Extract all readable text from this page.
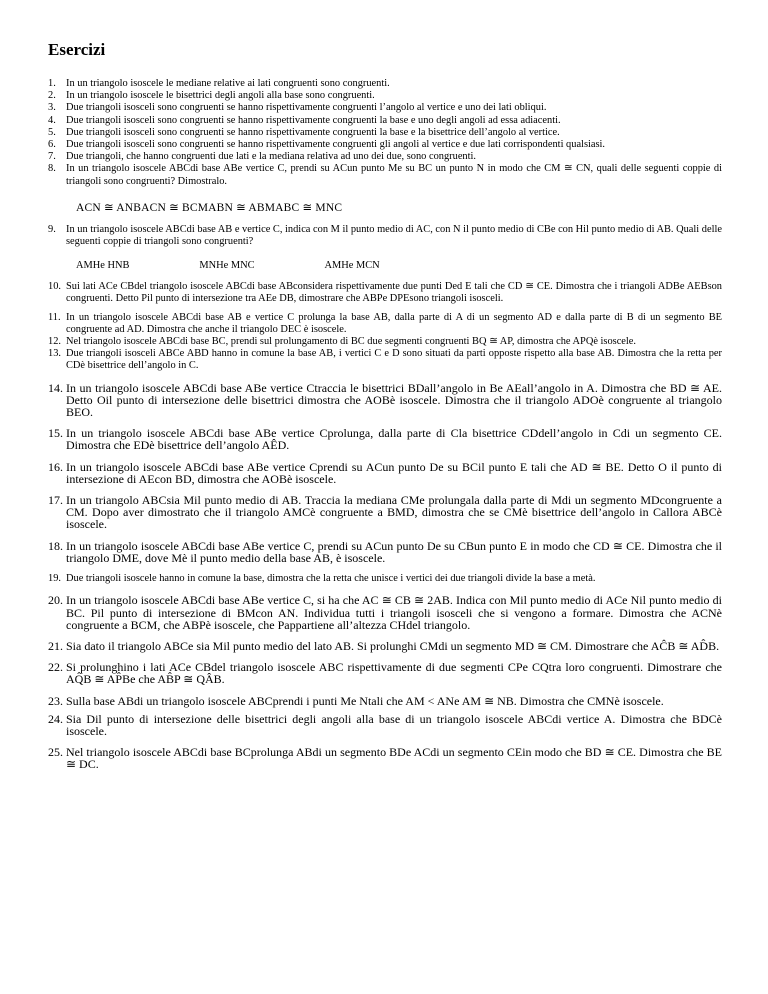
Esercizi
1. In un triangolo isoscele le mediane relative ai lati congruenti sono congruenti.
2. In un triangolo isoscele le bisettrici degli angoli alla base sono congruenti.
3. Due triangoli isosceli sono congruenti se hanno rispettivamente congruenti l’angolo al vertice e uno dei lati obliqui.
4. Due triangoli isosceli sono congruenti se hanno rispettivamente congruenti la base e uno degli angoli ad essa adiacenti.
5. Due triangoli isosceli sono congruenti se hanno rispettivamente congruenti la base e la bisettrice dell’angolo al vertice.
6. Due triangoli isosceli sono congruenti se hanno rispettivamente congruenti gli angoli al vertice e due lati corrispondenti qualsiasi.
7. Due triangoli, che hanno congruenti due lati e la mediana relativa ad uno dei due, sono congruenti.
8. In un triangolo isoscele ABCdi base ABe vertice C, prendi su ACun punto Me su BC un punto N in modo che CM ≅ CN, quali delle seguenti coppie di triangoli sono congruenti? Dimostralo.
ACN ≅ ANBACN ≅ BCMABN ≅ ABMABC ≅ MNC
9. In un triangolo isoscele ABCdi base AB e vertice C, indica con M il punto medio di AC, con N il punto medio di CBe con Hil punto medio di AB. Quali delle seguenti coppie di triangoli sono congruenti?
AMHe HNB	MNHe MNC	AMHe MCN
10. Sui lati ACe CBdel triangolo isoscele ABCdi base ABconsidera rispettivamente due punti Ded E tali che CD ≅ CE. Dimostra che i triangoli ADBe AEBson congruenti. Detto Pil punto di intersezione tra AEe DB, dimostrare che ABPe DPEsono triangoli isosceli.
11. In un triangolo isoscele ABCdi base AB e vertice C prolunga la base AB, dalla parte di A di un segmento AD e dalla parte di B di un segmento BE congruente ad AD. Dimostra che anche il triangolo DEC è isoscele.
12. Nel triangolo isoscele ABCdi base BC, prendi sul prolungamento di BC due segmenti congruenti BQ ≅ AP, dimostra che APQè isoscele.
13. Due triangoli isosceli ABCe ABD hanno in comune la base AB, i vertici C e D sono situati da parti opposte rispetto alla base AB. Dimostra che la retta per CDè bisettrice dell’angolo in C.
14. In un triangolo isoscele ABCdi base ABe vertice Ctraccia le bisettrici BDall’angolo in Be AEall’angolo in A. Dimostra che BD ≅ AE. Detto Oil punto di intersezione delle bisettrici dimostra che AOBè isoscele. Dimostra che il triangolo ADOè congruente al triangolo BEO.
15. In un triangolo isoscele ABCdi base ABe vertice Cprolunga, dalla parte di Cla bisettrice CDdell’angolo in Cdi un segmento CE. Dimostra che EDè bisettrice dell’angolo AÊD.
16. In un triangolo isoscele ABCdi base ABe vertice Cprendi su ACun punto De su BCil punto E tali che AD ≅ BE. Detto O il punto di intersezione di AEcon BD, dimostra che AOBè isoscele.
17. In un triangolo ABCsia Mil punto medio di AB. Traccia la mediana CMe prolungala dalla parte di Mdi un segmento MDcongruente a CM. Dopo aver dimostrato che il triangolo AMCè congruente a BMD, dimostra che se CMè bisettrice dell’angolo in Callora ABCè isoscele.
18. In un triangolo isoscele ABCdi base ABe vertice C, prendi su ACun punto De su CBun punto E in modo che CD ≅ CE. Dimostra che il triangolo DME, dove Mè il punto medio della base AB, è isoscele.
19. Due triangoli isoscele hanno in comune la base, dimostra che la retta che unisce i vertici dei due triangoli divide la base a metà.
20. In un triangolo isoscele ABCdi base ABe vertice C, si ha che AC ≅ CB ≅ 2AB. Indica con Mil punto medio di ACe Nil punto medio di BC. Pil punto di intersezione di BMcon AN. Individua tutti i triangoli isosceli che si vengono a formare. Dimostra che ACNè congruente a BCM, che ABPè isoscele, che Pappartiene all’altezza CHdel triangolo.
21. Sia dato il triangolo ABCe sia Mil punto medio del lato AB. Si prolunghi CMdi un segmento MD ≅ CM. Dimostrare che AĈB ≅ AD̂B.
22. Si prolunghino i lati ACe CBdel triangolo isoscele ABC rispettivamente di due segmenti CPe CQtra loro congruenti. Dimostrare che AQ̂B ≅ AP̂Be che AB̂P ≅ QÂB.
23. Sulla base ABdi un triangolo isoscele ABCprendi i punti Me Ntali che AM < ANe AM ≅ NB. Dimostra che CMNè isoscele.
24. Sia Dil punto di intersezione delle bisettrici degli angoli alla base di un triangolo isoscele ABCdi vertice A. Dimostra che BDCè isoscele.
25. Nel triangolo isoscele ABCdi base BCprolunga ABdi un segmento BDe ACdi un segmento CEin modo che BD ≅ CE. Dimostra che BE ≅ DC.
